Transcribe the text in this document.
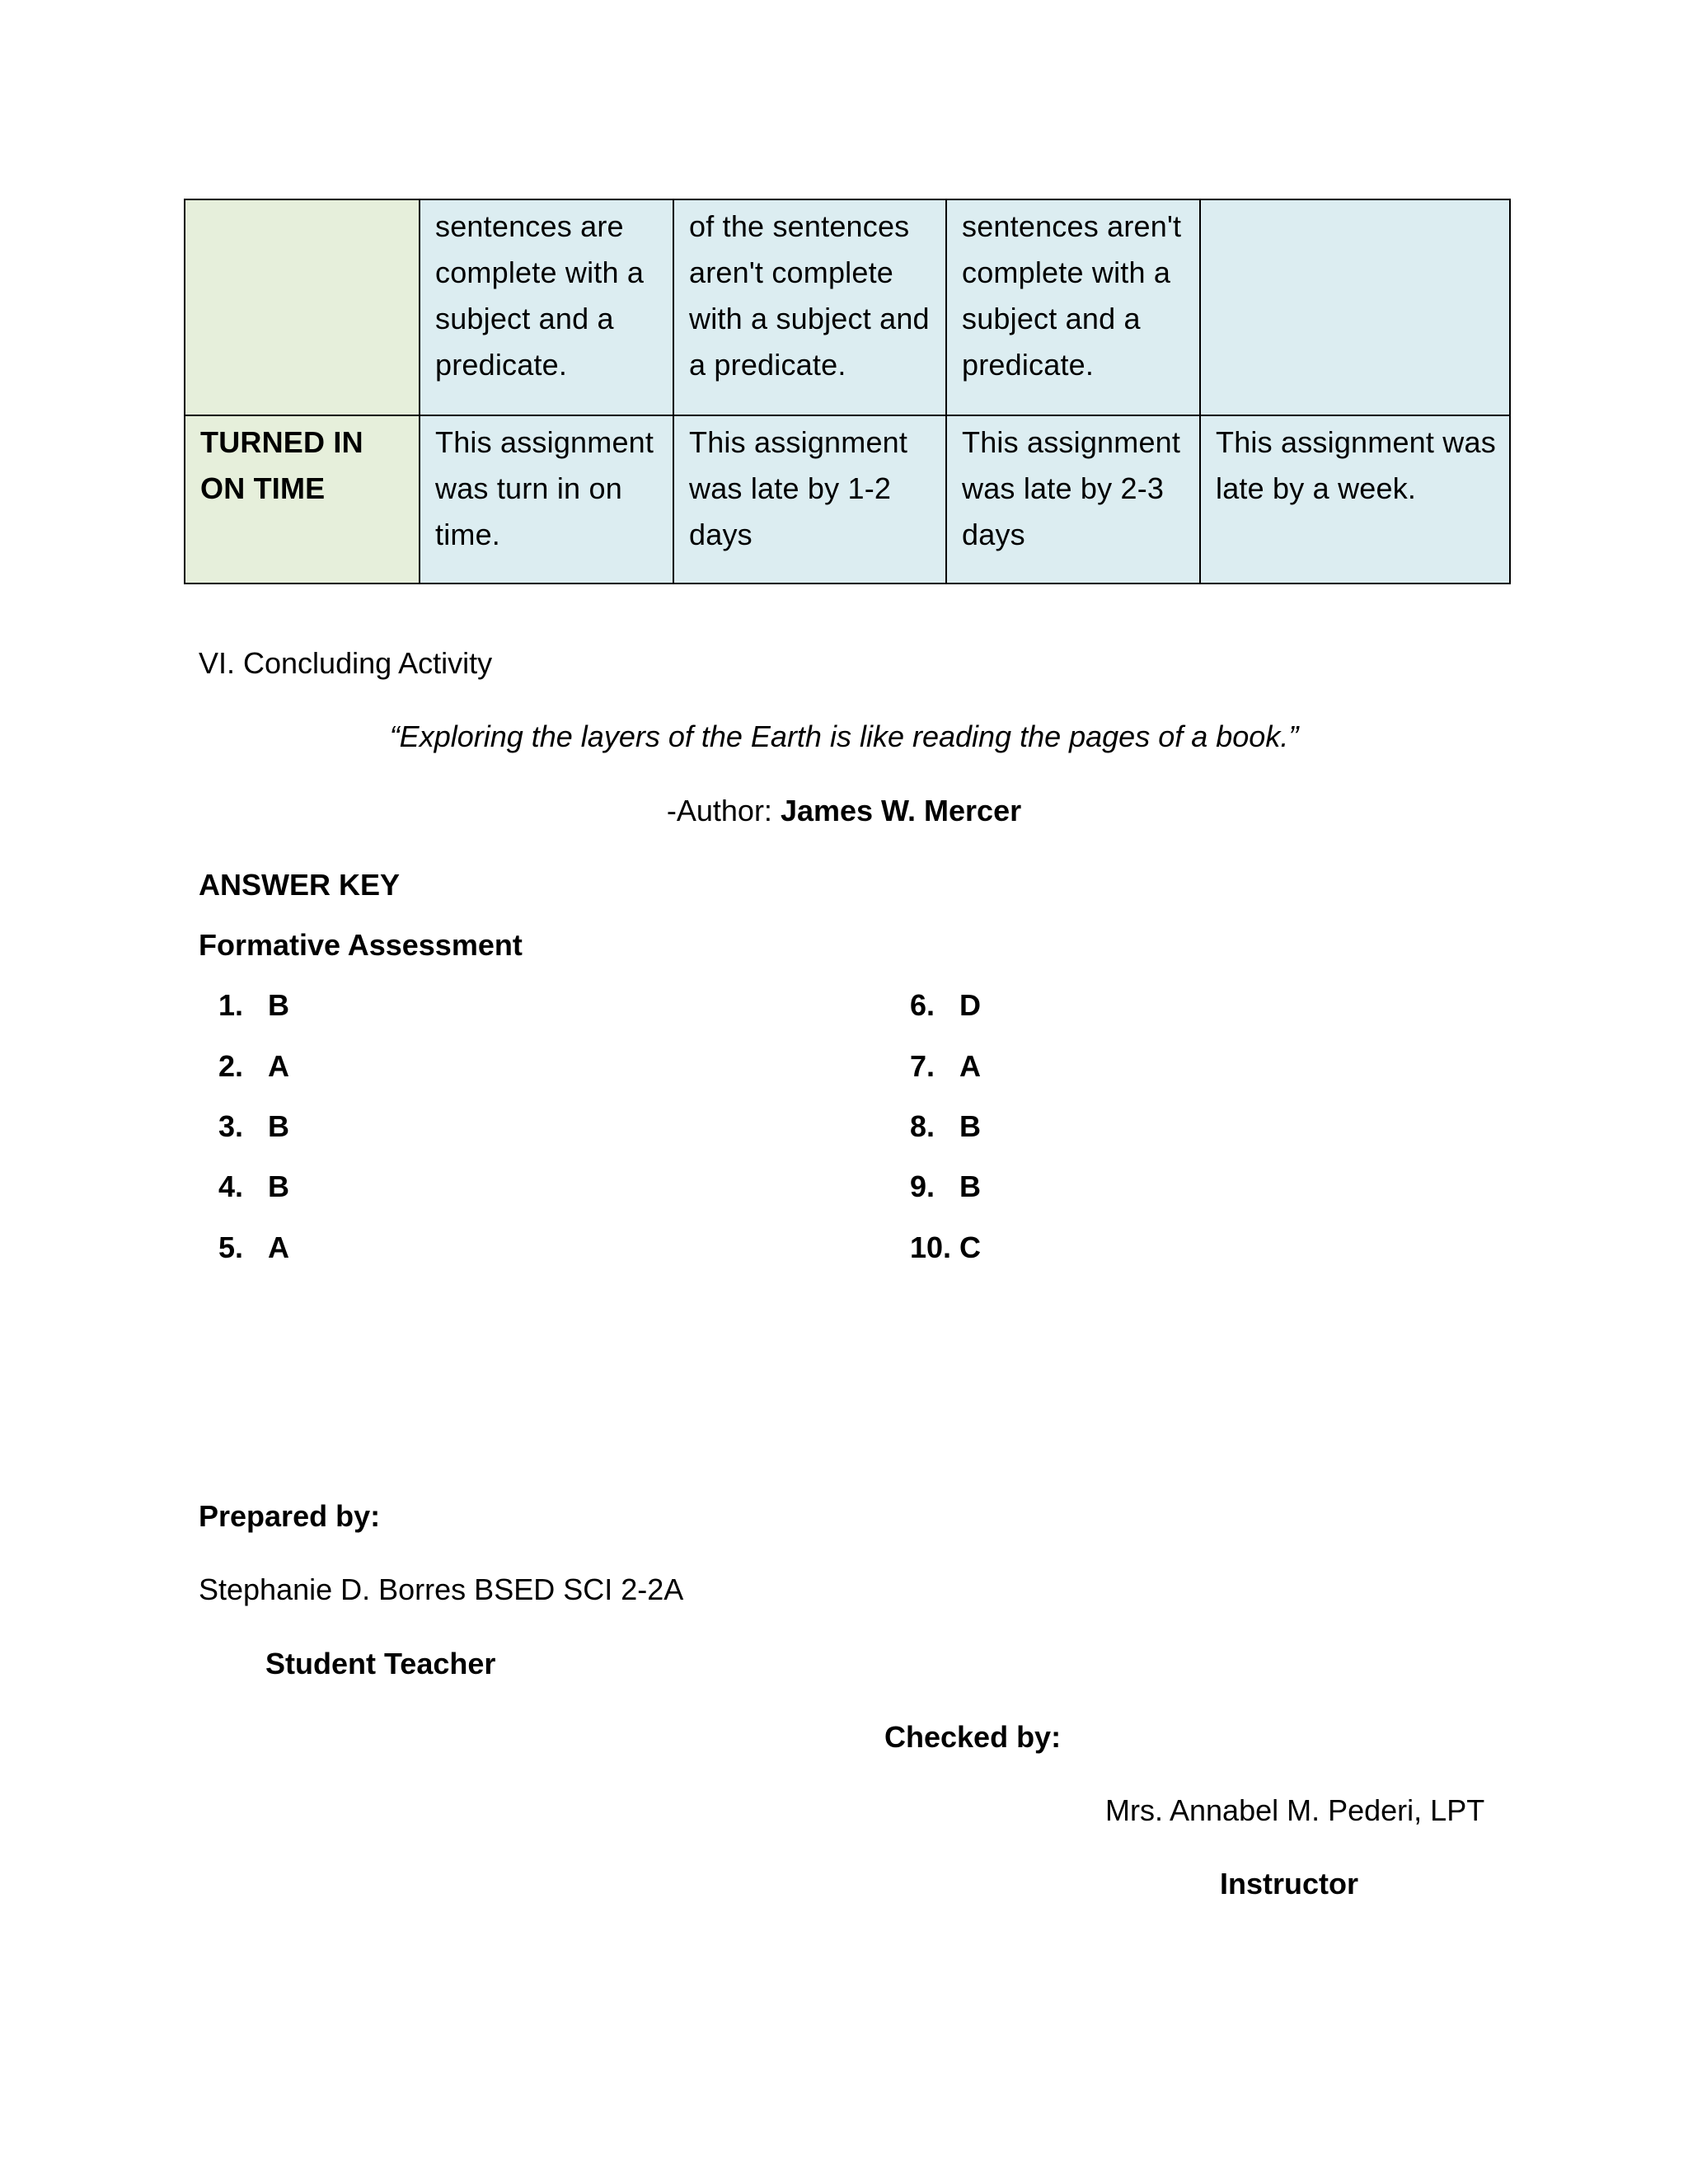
	sentences are complete with a subject and a predicate.	of the sentences aren't complete with a subject and a predicate.	sentences aren't complete with a subject and a predicate.	
TURNED IN ON TIME	This assignment was turn in on time.	This assignment was late by 1-2 days	This assignment was late by 2-3 days	This assignment was late by a week.
VI. Concluding Activity
“Exploring the layers of the Earth is like reading the pages of a book.”
-Author: James W. Mercer
ANSWER KEY
Formative Assessment
1. B
2. A
3. B
4. B
5. A
6. D
7. A
8. B
9. B
10. C
Prepared by:
Stephanie D. Borres BSED SCI 2-2A
Student Teacher
Checked by:
Mrs. Annabel M. Pederi, LPT
Instructor
